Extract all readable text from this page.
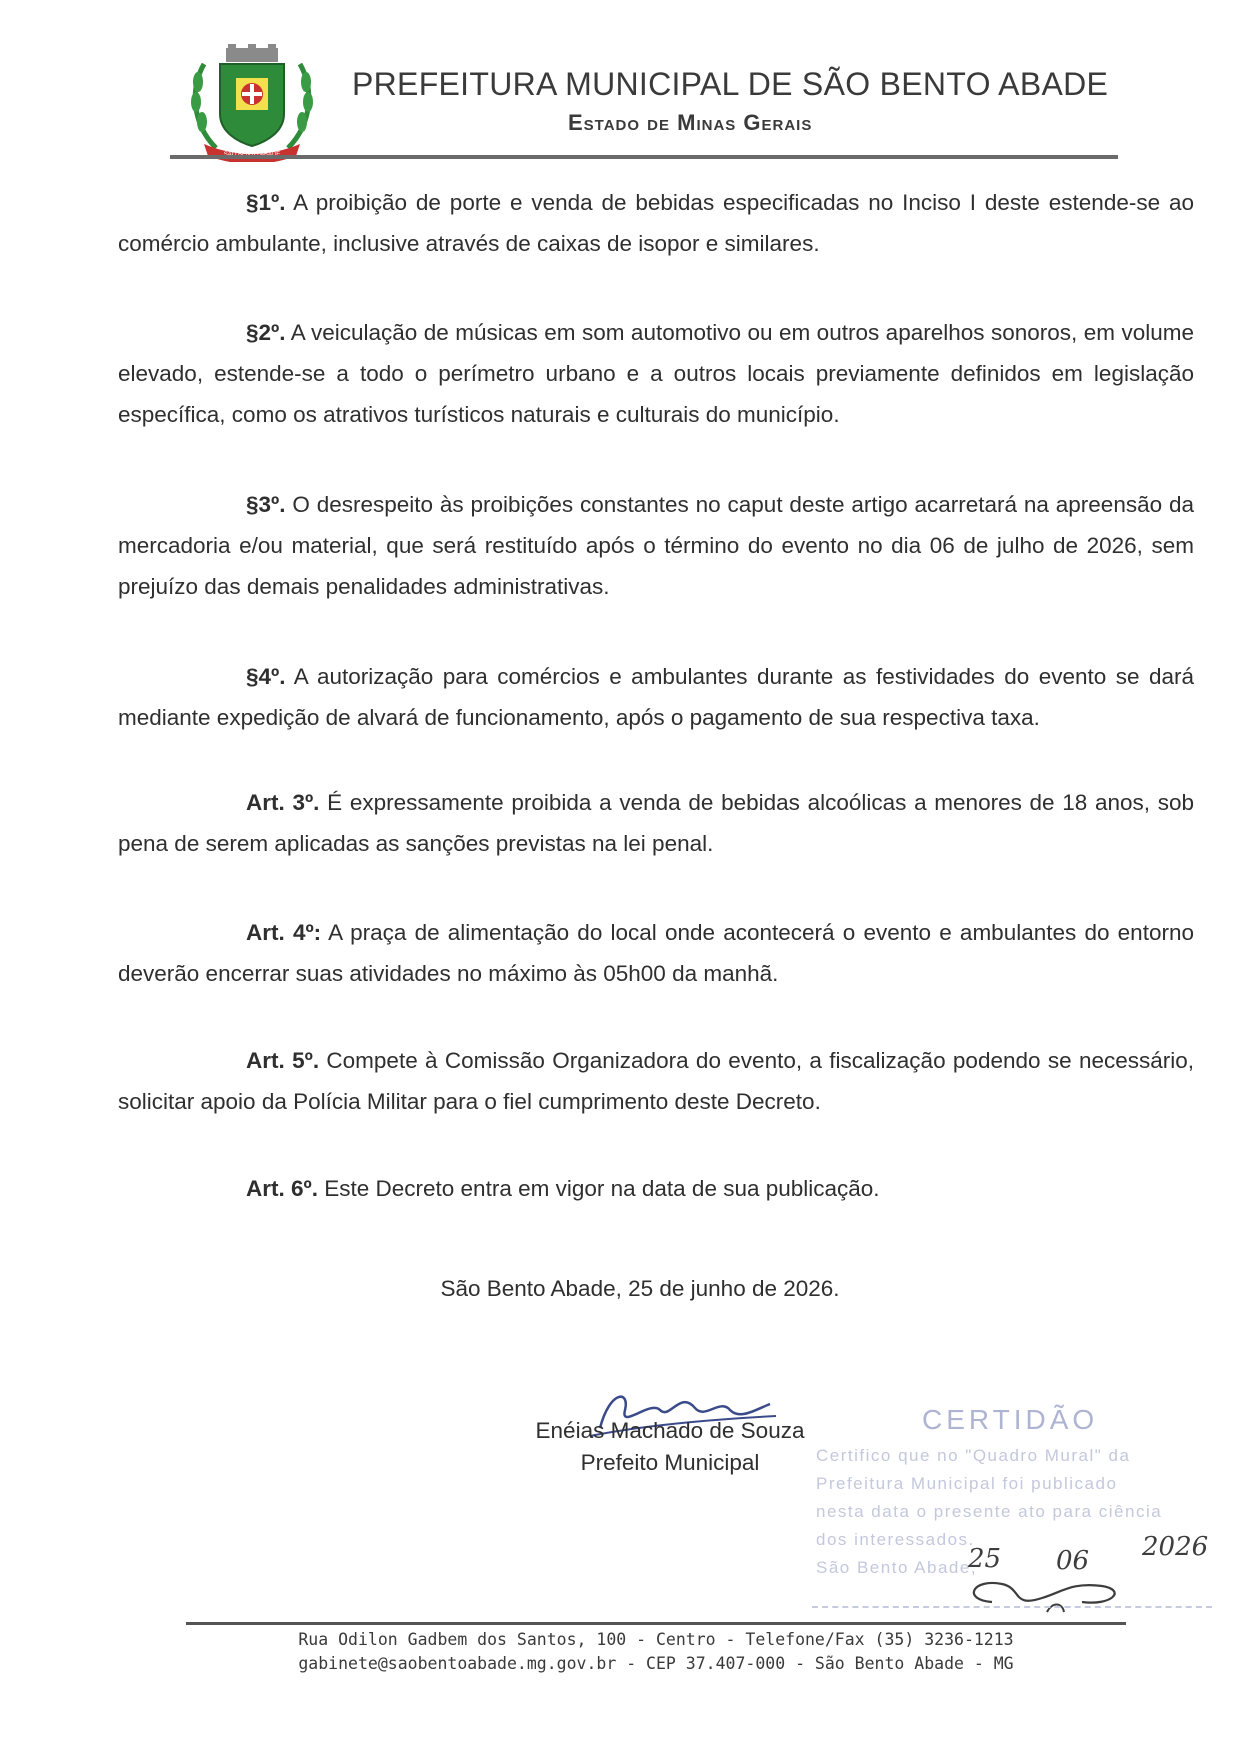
PREFEITURA MUNICIPAL DE SÃO BENTO ABADE
Estado de Minas Gerais
§1º. A proibição de porte e venda de bebidas especificadas no Inciso I deste estende-se ao comércio ambulante, inclusive através de caixas de isopor e similares.
§2º. A veiculação de músicas em som automotivo ou em outros aparelhos sonoros, em volume elevado, estende-se a todo o perímetro urbano e a outros locais previamente definidos em legislação específica, como os atrativos turísticos naturais e culturais do município.
§3º. O desrespeito às proibições constantes no caput deste artigo acarretará na apreensão da mercadoria e/ou material, que será restituído após o término do evento no dia 06 de julho de 2026, sem prejuízo das demais penalidades administrativas.
§4º. A autorização para comércios e ambulantes durante as festividades do evento se dará mediante expedição de alvará de funcionamento, após o pagamento de sua respectiva taxa.
Art. 3º. É expressamente proibida a venda de bebidas alcoólicas a menores de 18 anos, sob pena de serem aplicadas as sanções previstas na lei penal.
Art. 4º: A praça de alimentação do local onde acontecerá o evento e ambulantes do entorno deverão encerrar suas atividades no máximo às 05h00 da manhã.
Art. 5º. Compete à Comissão Organizadora do evento, a fiscalização podendo se necessário, solicitar apoio da Polícia Militar para o fiel cumprimento deste Decreto.
Art. 6º. Este Decreto entra em vigor na data de sua publicação.
São Bento Abade, 25 de junho de 2026.
Enéias Machado de Souza
Prefeito Municipal
CERTIDÃO
Certifico que no "Quadro Mural" da
Prefeitura Municipal foi publicado
nesta data o presente ato para ciência
dos interessados.
São Bento Abade,
25 06 2026
Rua Odilon Gadbem dos Santos, 100 - Centro - Telefone/Fax (35) 3236-1213
gabinete@saobentoabade.mg.gov.br - CEP 37.407-000 - São Bento Abade - MG
